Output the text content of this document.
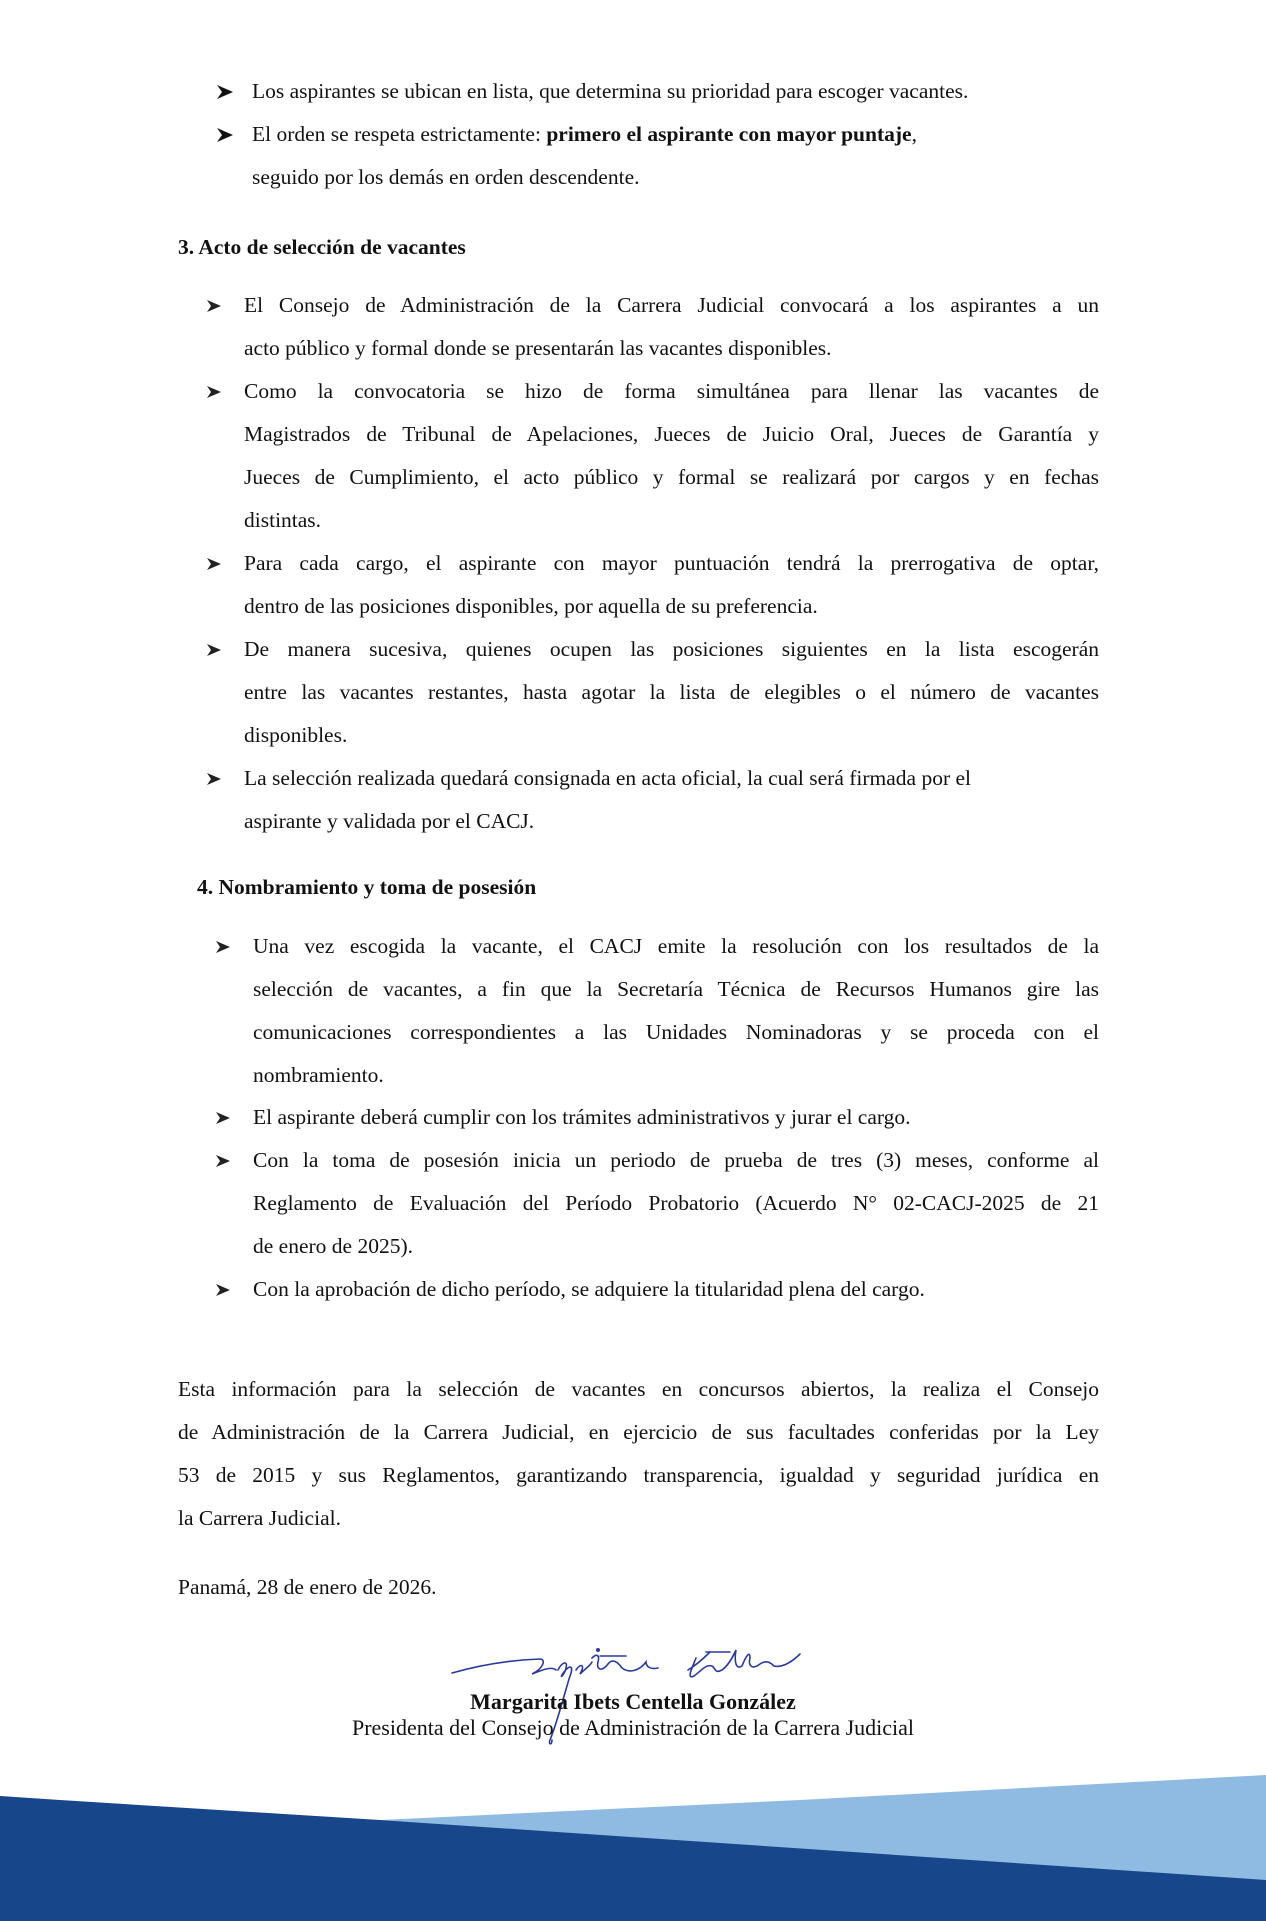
Los aspirantes se ubican en lista, que determina su prioridad para escoger vacantes.
El orden se respeta estrictamente: primero el aspirante con mayor puntaje,
seguido por los demás en orden descendente.
3. Acto de selección de vacantes
El Consejo de Administración de la Carrera Judicial convocará a los aspirantes a un
acto público y formal donde se presentarán las vacantes disponibles.
Como la convocatoria se hizo de forma simultánea para llenar las vacantes de
Magistrados de Tribunal de Apelaciones, Jueces de Juicio Oral, Jueces de Garantía y
Jueces de Cumplimiento, el acto público y formal se realizará por cargos y en fechas
distintas.
Para cada cargo, el aspirante con mayor puntuación tendrá la prerrogativa de optar,
dentro de las posiciones disponibles, por aquella de su preferencia.
De manera sucesiva, quienes ocupen las posiciones siguientes en la lista escogerán
entre las vacantes restantes, hasta agotar la lista de elegibles o el número de vacantes
disponibles.
La selección realizada quedará consignada en acta oficial, la cual será firmada por el
aspirante y validada por el CACJ.
4. Nombramiento y toma de posesión
Una vez escogida la vacante, el CACJ emite la resolución con los resultados de la
selección de vacantes, a fin que la Secretaría Técnica de Recursos Humanos gire las
comunicaciones correspondientes a las Unidades Nominadoras y se proceda con el
nombramiento.
El aspirante deberá cumplir con los trámites administrativos y jurar el cargo.
Con la toma de posesión inicia un periodo de prueba de tres (3) meses, conforme al
Reglamento de Evaluación del Período Probatorio (Acuerdo N° 02-CACJ-2025 de 21
de enero de 2025).
Con la aprobación de dicho período, se adquiere la titularidad plena del cargo.
Esta información para la selección de vacantes en concursos abiertos, la realiza el Consejo
de Administración de la Carrera Judicial, en ejercicio de sus facultades conferidas por la Ley
53 de 2015 y sus Reglamentos, garantizando transparencia, igualdad y seguridad jurídica en
la Carrera Judicial.
Panamá, 28 de enero de 2026.
Margarita Ibets Centella González
Presidenta del Consejo de Administración de la Carrera Judicial
